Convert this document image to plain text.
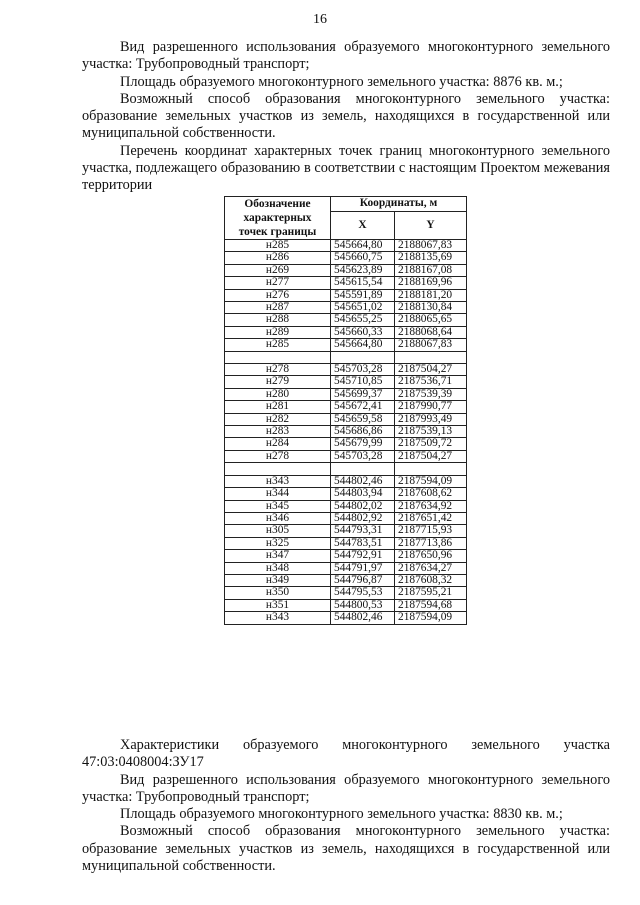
16

Вид разрешенного использования образуемого многоконтурного земельного участка: Трубопроводный транспорт;

Площадь образуемого многоконтурного земельного участка: 8876 кв. м.;

Возможный способ образования многоконтурного земельного участка: образование земельных участков из земель, находящихся в государственной или муниципальной собственности.

Перечень координат характерных точек границ многоконтурного земельного участка, подлежащего образованию в соответствии с настоящим Проектом межевания территории

Обозначение характерных точек границы	Координаты, м	
	X	Y
н285	545664,80	2188067,83
н286	545660,75	2188135,69
н269	545623,89	2188167,08
н277	545615,54	2188169,96
н276	545591,89	2188181,20
н287	545651,02	2188130,84
н288	545655,25	2188065,65
н289	545660,33	2188068,64
н285	545664,80	2188067,83

н278	545703,28	2187504,27
н279	545710,85	2187536,71
н280	545699,37	2187539,39
н281	545672,41	2187990,77
н282	545659,58	2187993,49
н283	545686,86	2187539,13
н284	545679,99	2187509,72
н278	545703,28	2187504,27

н343	544802,46	2187594,09
н344	544803,94	2187608,62
н345	544802,02	2187634,92
н346	544802,92	2187651,42
н305	544793,31	2187715,93
н325	544783,51	2187713,86
н347	544792,91	2187650,96
н348	544791,97	2187634,27
н349	544796,87	2187608,32
н350	544795,53	2187595,21
н351	544800,53	2187594,68
н343	544802,46	2187594,09

Характеристики образуемого многоконтурного земельного участка 47:03:0408004:ЗУ17

Вид разрешенного использования образуемого многоконтурного земельного участка: Трубопроводный транспорт;

Площадь образуемого многоконтурного земельного участка: 8830 кв. м.;

Возможный способ образования многоконтурного земельного участка: образование земельных участков из земель, находящихся в государственной или муниципальной собственности.
